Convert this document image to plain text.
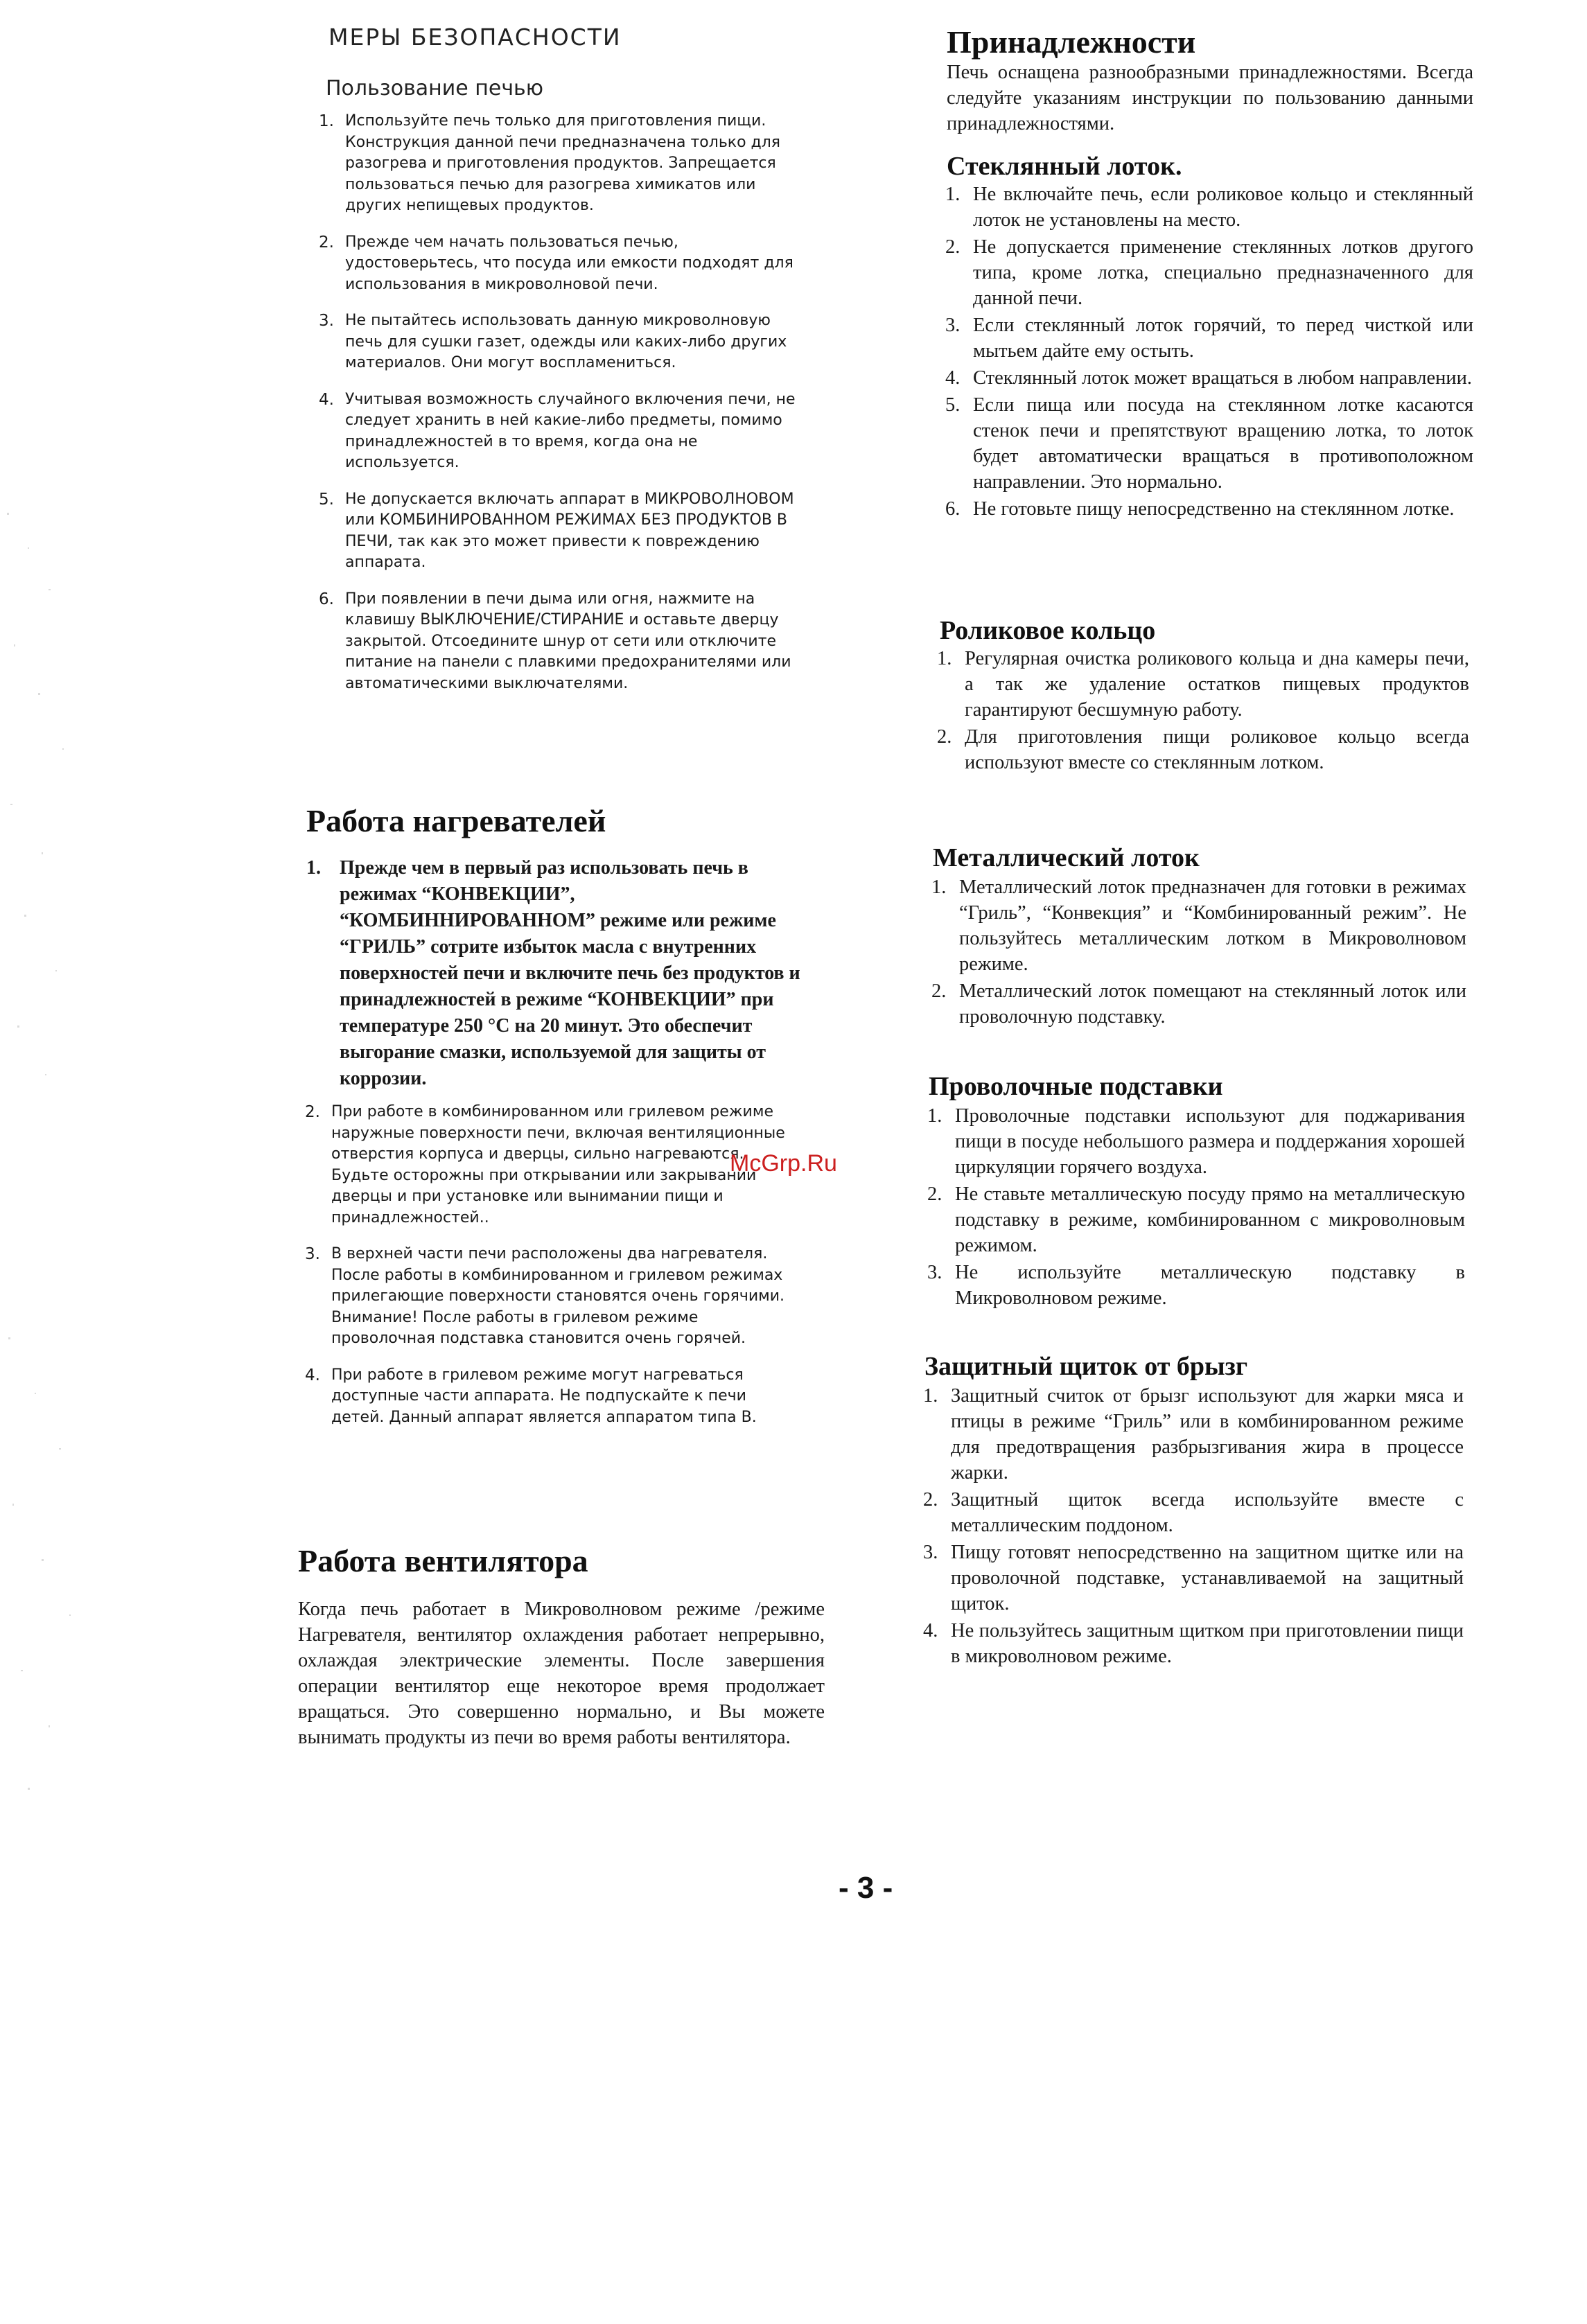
МЕРЫ БЕЗОПАСНОСТИ
Пользование печью
1. Используйте печь только для приготовления пищи. Конструкция данной печи предназначена только для разогрева и приготовления продуктов. Запрещается пользоваться печью для разогрева химикатов или других непищевых продуктов.
2. Прежде чем начать пользоваться печью, удостоверьтесь, что посуда или емкости подходят для использования в микроволновой печи.
3. Не пытайтесь использовать данную микроволновую печь для сушки газет, одежды или каких-либо других материалов. Они могут воспламениться.
4. Учитывая возможность случайного включения печи, не следует хранить в ней какие-либо предметы, помимо принадлежностей в то время, когда она не используется.
5. Не допускается включать аппарат в МИКРОВОЛНОВОМ или КОМБИНИРОВАННОМ РЕЖИМАХ БЕЗ ПРОДУКТОВ В ПЕЧИ, так как это может привести к повреждению аппарата.
6. При появлении в печи дыма или огня, нажмите на клавишу ВЫКЛЮЧЕНИЕ/СТИРАНИЕ и оставьте дверцу закрытой. Отсоедините шнур от сети или отключите питание на панели с плавкими предохранителями или автоматическими выключателями.
Работа нагревателей
1. Прежде чем в первый раз использовать печь в режимах “КОНВЕКЦИИ”, “КОМБИННИРОВАННОМ” режиме или режиме “ГРИЛЬ” сотрите избыток масла с внутренних поверхностей печи и включите печь без продуктов и принадлежностей в режиме “КОНВЕКЦИИ” при температуре 250 °С на 20 минут. Это обеспечит выгорание смазки, используемой для защиты от коррозии.
2. При работе в комбинированном или грилевом режиме наружные поверхности печи, включая вентиляционные отверстия корпуса и дверцы, сильно нагреваются. Будьте осторожны при открывании или закрывании дверцы и при установке или вынимании пищи и принадлежностей..
3. В верхней части печи расположены два нагревателя. После работы в комбинированном и грилевом режимах прилегающие поверхности становятся очень горячими. Внимание! После работы в грилевом режиме проволочная подставка становится очень горячей.
4. При работе в грилевом режиме могут нагреваться доступные части аппарата. Не подпускайте к печи детей. Данный аппарат является аппаратом типа В.
Работа вентилятора

Когда печь работает в Микроволновом режиме /режиме Нагревателя, вентилятор охлаждения работает непрерывно, охлаждая электрические элементы. После завершения операции вентилятор еще некоторое время продолжает вращаться. Это совершенно нормально, и Вы можете вынимать продукты из печи во время работы вентилятора.

Принадлежности

Печь оснащена разнообразными принадлежностями. Всегда следуйте указаниям инструкции по пользованию данными принадлежностями.

Стеклянный лоток.
1. Не включайте печь, если роликовое кольцо и стеклянный лоток не установлены на место.
2. Не допускается применение стеклянных лотков другого типа, кроме лотка, специально предназначенного для данной печи.
3. Если стеклянный лоток горячий, то перед чисткой или мытьем дайте ему остыть.
4. Стеклянный лоток может вращаться в любом направлении.
5. Если пища или посуда на стеклянном лотке касаются стенок печи и препятствуют вращению лотка, то лоток будет автоматически вращаться в противоположном направлении. Это нормально.
6. Не готовьте пищу непосредственно на стеклянном лотке.
Роликовое кольцо
1. Регулярная очистка роликового кольца и дна камеры печи, а так же удаление остатков пищевых продуктов гарантируют бесшумную работу.
2. Для приготовления пищи роликовое кольцо всегда используют вместе со стеклянным лотком.
Металлический лоток
1. Металлический лоток предназначен для готовки в режимах “Гриль”, “Конвекция” и “Комбинированный режим”. Не пользуйтесь металлическим лотком в Микроволновом режиме.
2. Металлический лоток помещают на стеклянный лоток или проволочную подставку.
Проволочные подставки
1. Проволочные подставки используют для поджаривания пищи в посуде небольшого размера и поддержания хорошей циркуляции горячего воздуха.
2. Не ставьте металлическую посуду прямо на металлическую подставку в режиме, комбинированном с микроволновым режимом.
3. Не используйте металлическую подставку в Микроволновом режиме.
Защитный щиток от брызг
1. Защитный считок от брызг используют для жарки мяса и птицы в режиме “Гриль” или в комбинированном режиме для предотвращения разбрызгивания жира в процессе жарки.
2. Защитный щиток всегда используйте вместе с металлическим поддоном.
3. Пищу готовят непосредственно на защитном щитке или на проволочной подставке, устанавливаемой на защитный щиток.
4. Не пользуйтесь защитным щитком при приготовлении пищи в микроволновом режиме.
McGrp.Ru
- 3 -
